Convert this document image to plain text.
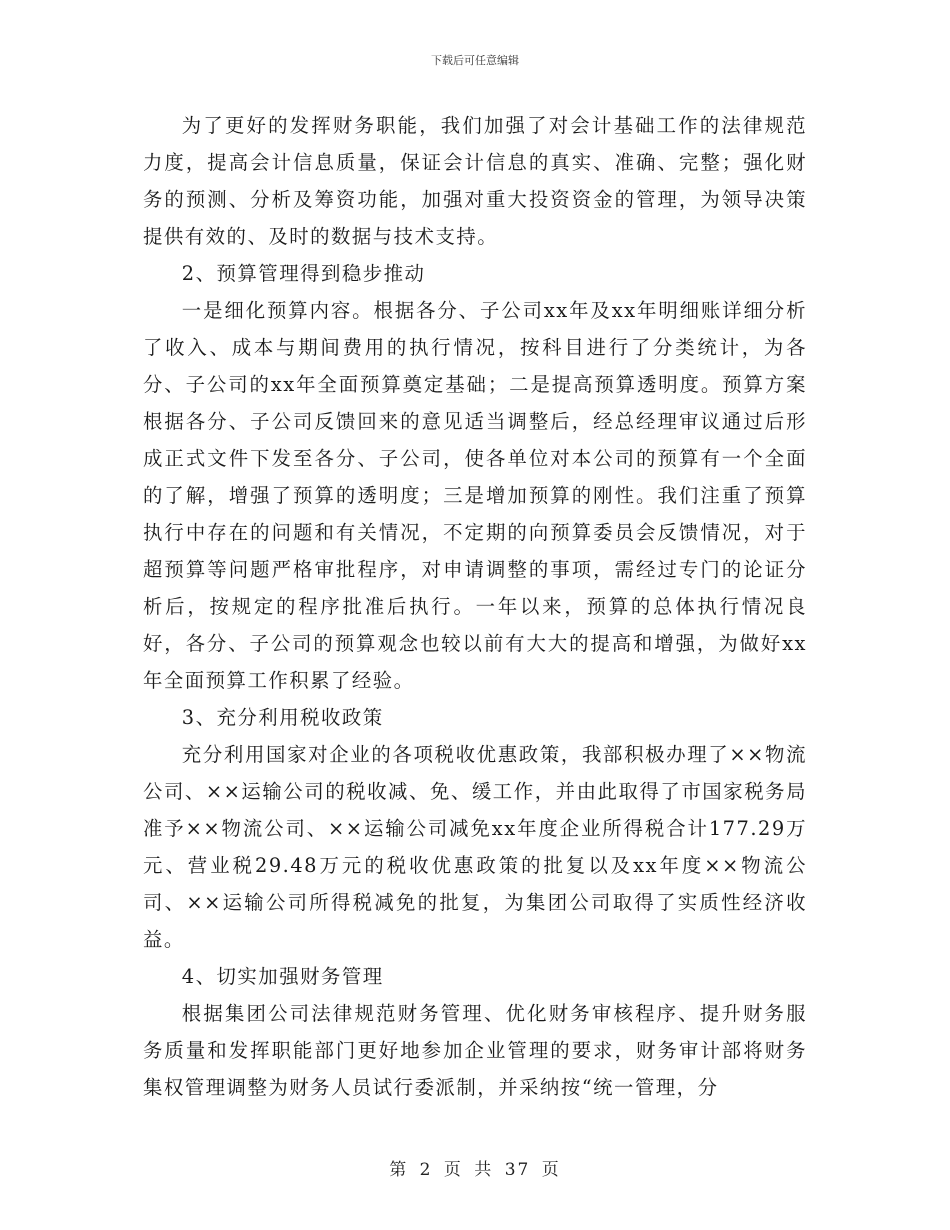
下载后可任意编辑

为了更好的发挥财务职能，我们加强了对会计基础工作的法律规范力度，提高会计信息质量，保证会计信息的真实、准确、完整；强化财务的预测、分析及筹资功能，加强对重大投资资金的管理，为领导决策提供有效的、及时的数据与技术支持。

2、预算管理得到稳步推动

一是细化预算内容。根据各分、子公司xx年及xx年明细账详细分析了收入、成本与期间费用的执行情况，按科目进行了分类统计，为各分、子公司的xx年全面预算奠定基础；二是提高预算透明度。预算方案根据各分、子公司反馈回来的意见适当调整后，经总经理审议通过后形成正式文件下发至各分、子公司，使各单位对本公司的预算有一个全面的了解，增强了预算的透明度；三是增加预算的刚性。我们注重了预算执行中存在的问题和有关情况，不定期的向预算委员会反馈情况，对于超预算等问题严格审批程序，对申请调整的事项，需经过专门的论证分析后，按规定的程序批准后执行。一年以来，预算的总体执行情况良好，各分、子公司的预算观念也较以前有大大的提高和增强，为做好xx年全面预算工作积累了经验。

3、充分利用税收政策

充分利用国家对企业的各项税收优惠政策，我部积极办理了××物流公司、××运输公司的税收减、免、缓工作，并由此取得了市国家税务局准予××物流公司、××运输公司减免xx年度企业所得税合计177.29万元、营业税29.48万元的税收优惠政策的批复以及xx年度××物流公司、××运输公司所得税减免的批复，为集团公司取得了实质性经济收益。

4、切实加强财务管理

根据集团公司法律规范财务管理、优化财务审核程序、提升财务服务质量和发挥职能部门更好地参加企业管理的要求，财务审计部将财务集权管理调整为财务人员试行委派制，并采纳按“统一管理，分

第 2 页 共 37 页
